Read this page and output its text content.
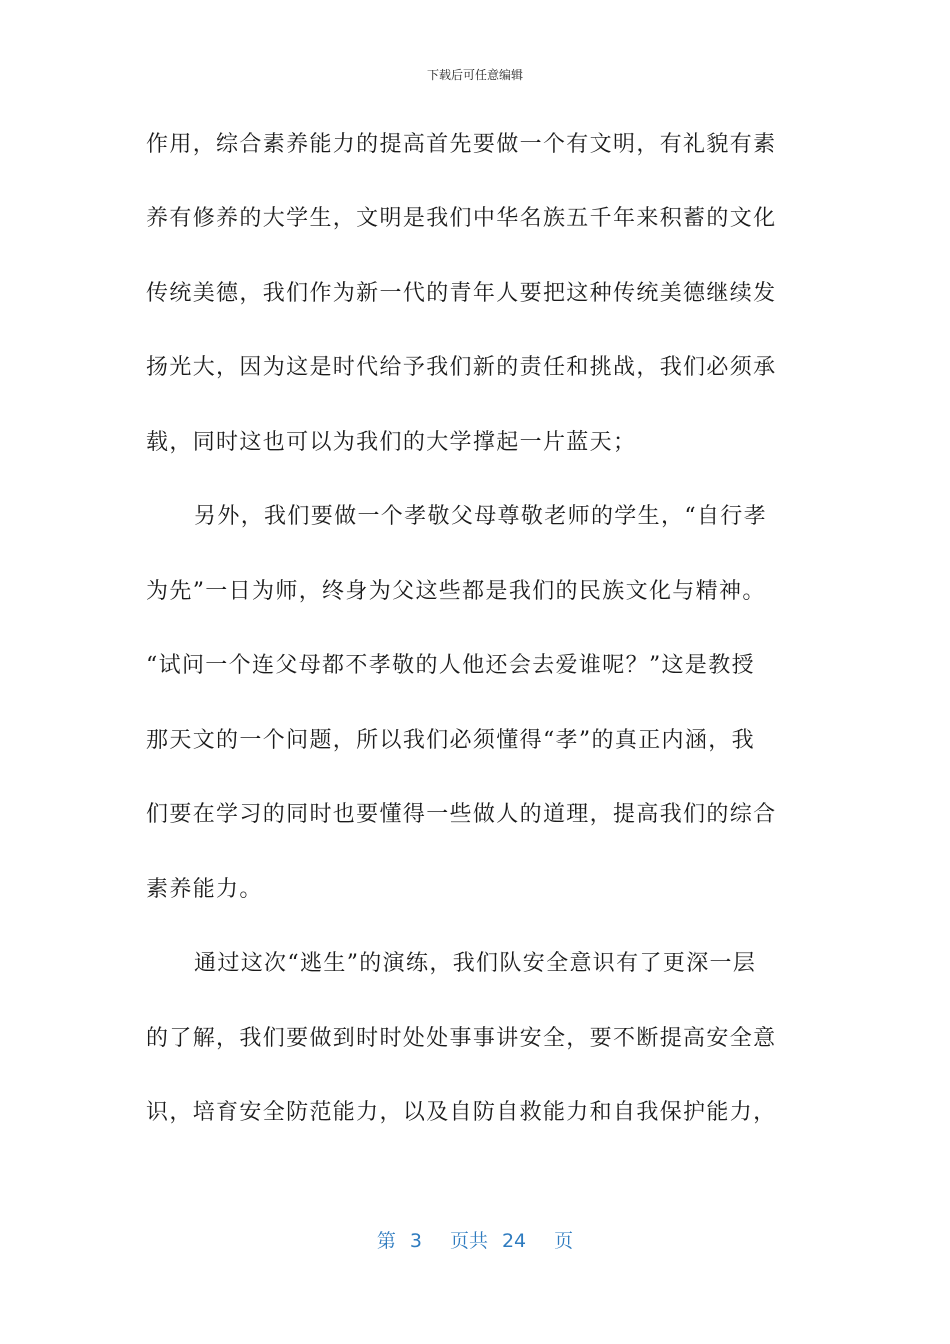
下载后可任意编辑
作用，综合素养能力的提高首先要做一个有文明，有礼貌有素
养有修养的大学生，文明是我们中华名族五千年来积蓄的文化
传统美德，我们作为新一代的青年人要把这种传统美德继续发
扬光大，因为这是时代给予我们新的责任和挑战，我们必须承
载，同时这也可以为我们的大学撑起一片蓝天；
另外，我们要做一个孝敬父母尊敬老师的学生，“自行孝
为先”一日为师，终身为父这些都是我们的民族文化与精神。
“试问一个连父母都不孝敬的人他还会去爱谁呢？”这是教授
那天文的一个问题，所以我们必须懂得“孝”的真正内涵，我
们要在学习的同时也要懂得一些做人的道理，提高我们的综合
素养能力。
通过这次“逃生”的演练，我们队安全意识有了更深一层
的了解，我们要做到时时处处事事讲安全，要不断提高安全意
识，培育安全防范能力，以及自防自救能力和自我保护能力，
第 3 页共 24 页
